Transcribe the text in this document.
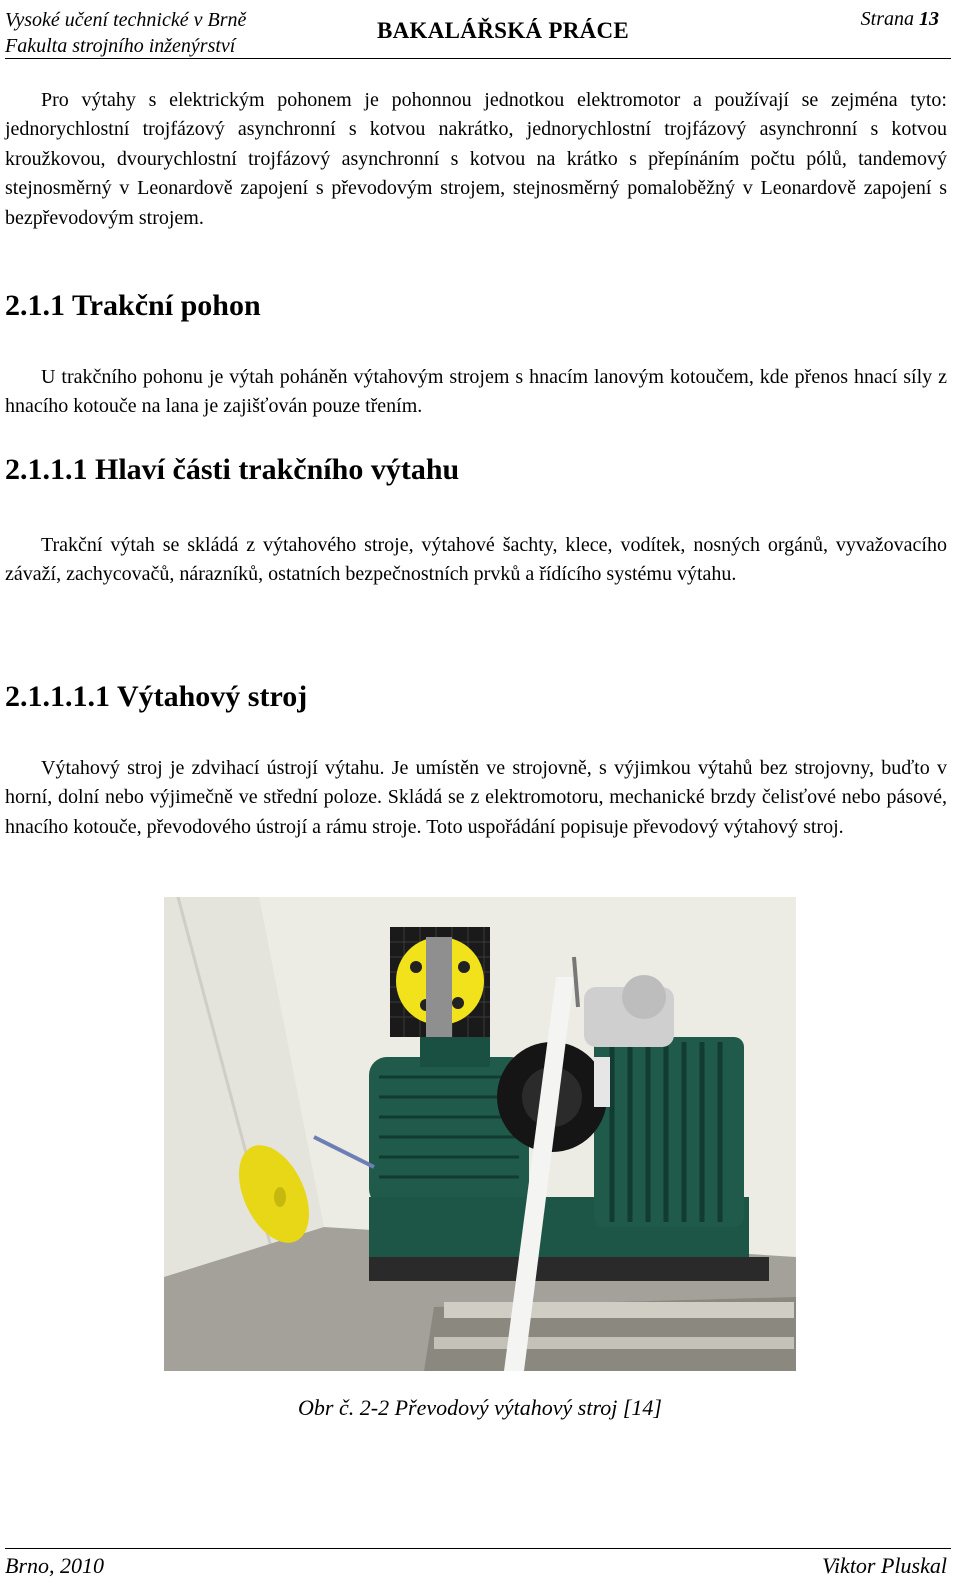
Vysoké učení technické v Brně
Fakulta strojního inženýrství
BAKALÁŘSKÁ PRÁCE	Strana 13

Pro výtahy s elektrickým pohonem je pohonnou jednotkou elektromotor a používají se zejména tyto: jednorychlostní trojfázový asynchronní s kotvou nakrátko, jednorychlostní trojfázový asynchronní s kotvou kroužkovou, dvourychlostní trojfázový asynchronní s kotvou na krátko s přepínáním počtu pólů, tandemový stejnosměrný v Leonardově zapojení s převodovým strojem, stejnosměrný pomaloběžný v Leonardově zapojení s bezpřevodovým strojem.

2.1.1 Trakční pohon

U trakčního pohonu je výtah poháněn výtahovým strojem s hnacím lanovým kotoučem, kde přenos hnací síly z hnacího kotouče na lana je zajišťován pouze třením.

2.1.1.1 Hlaví části trakčního výtahu

Trakční výtah se skládá z výtahového stroje, výtahové šachty, klece, vodítek, nosných orgánů, vyvažovacího závaží, zachycovačů, nárazníků, ostatních bezpečnostních prvků a řídícího systému výtahu.

2.1.1.1.1 Výtahový stroj

Výtahový stroj je zdvihací ústrojí výtahu. Je umístěn ve strojovně, s výjimkou výtahů bez strojovny, buďto v horní, dolní nebo výjimečně ve střední poloze. Skládá se z elektromotoru, mechanické brzdy čelisťové nebo pásové, hnacího kotouče, převodového ústrojí a rámu stroje. Toto uspořádání popisuje převodový výtahový stroj.

Obr č. 2-2 Převodový výtahový stroj [14]
Brno, 2010	Viktor Pluskal
